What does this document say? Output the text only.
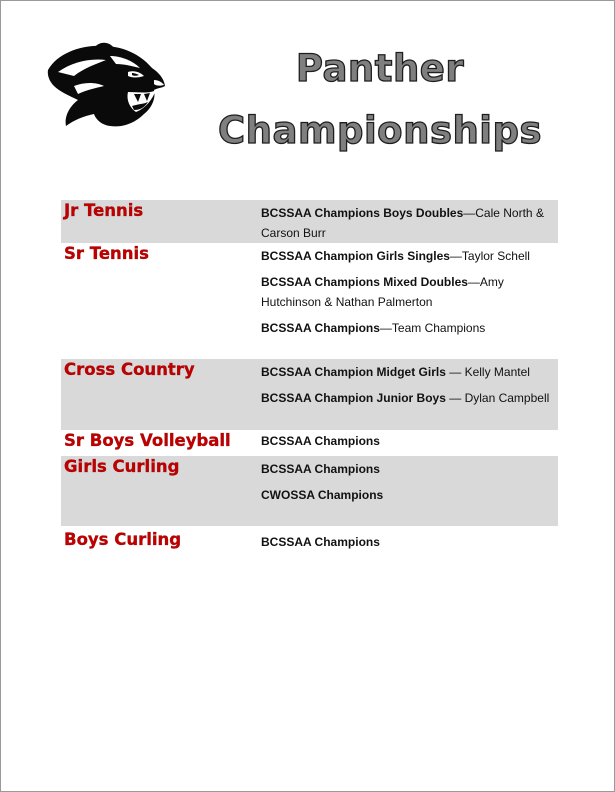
Panther
Championships
Jr Tennis	BCSSAA Champions Boys Doubles—Cale North & Carson Burr
Sr Tennis	BCSSAA Champion Girls Singles—Taylor Schell
BCSSAA Champions Mixed Doubles—Amy Hutchinson & Nathan Palmerton
BCSSAA Champions—Team Champions
Cross Country	BCSSAA Champion Midget Girls — Kelly Mantel
BCSSAA Champion Junior Boys — Dylan Campbell
Sr Boys Volleyball	BCSSAA Champions
Girls Curling	BCSSAA Champions
CWOSSA Champions
Boys Curling	BCSSAA Champions
